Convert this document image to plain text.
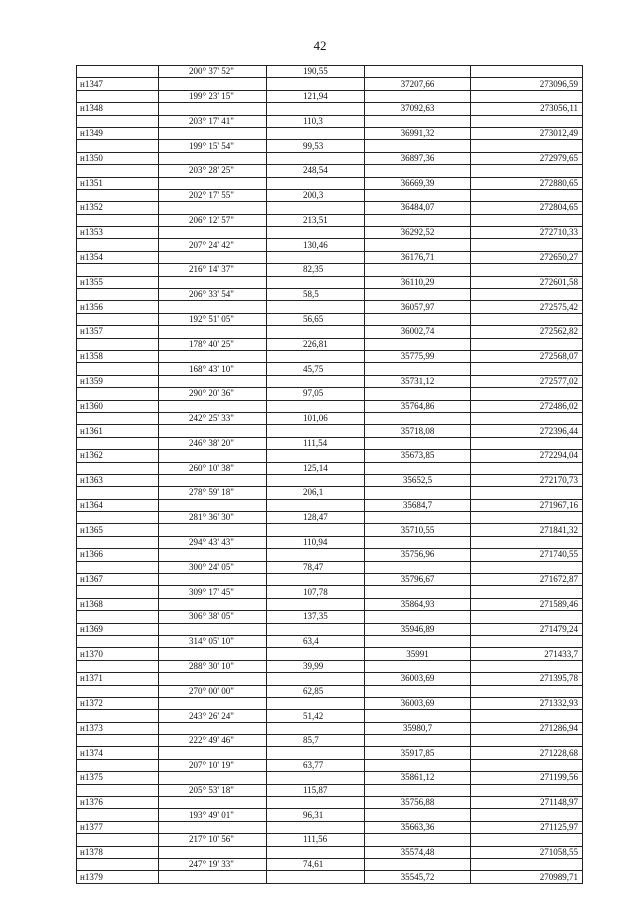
42
	200° 37' 52"	190,55		
н1347			37207,66	273096,59
	199° 23' 15"	121,94		
н1348			37092,63	273056,11
	203° 17' 41"	110,3		
н1349			36991,32	273012,49
	199° 15' 54"	99,53		
н1350			36897,36	272979,65
	203° 28' 25"	248,54		
н1351			36669,39	272880,65
	202° 17' 55"	200,3		
н1352			36484,07	272804,65
	206° 12' 57"	213,51		
н1353			36292,52	272710,33
	207° 24' 42"	130,46		
н1354			36176,71	272650,27
	216° 14' 37"	82,35		
н1355			36110,29	272601,58
	206° 33' 54"	58,5		
н1356			36057,97	272575,42
	192° 51' 05"	56,65		
н1357			36002,74	272562,82
	178° 40' 25"	226,81		
н1358			35775,99	272568,07
	168° 43' 10"	45,75		
н1359			35731,12	272577,02
	290° 20' 36"	97,05		
н1360			35764,86	272486,02
	242° 25' 33"	101,06		
н1361			35718,08	272396,44
	246° 38' 20"	111,54		
н1362			35673,85	272294,04
	260° 10' 38"	125,14		
н1363			35652,5	272170,73
	278° 59' 18"	206,1		
н1364			35684,7	271967,16
	281° 36' 30"	128,47		
н1365			35710,55	271841,32
	294° 43' 43"	110,94		
н1366			35756,96	271740,55
	300° 24' 05"	78,47		
н1367			35796,67	271672,87
	309° 17' 45"	107,78		
н1368			35864,93	271589,46
	306° 38' 05"	137,35		
н1369			35946,89	271479,24
	314° 05' 10"	63,4		
н1370			35991	271433,7
	288° 30' 10"	39,99		
н1371			36003,69	271395,78
	270° 00' 00"	62,85		
н1372			36003,69	271332,93
	243° 26' 24"	51,42		
н1373			35980,7	271286,94
	222° 49' 46"	85,7		
н1374			35917,85	271228,68
	207° 10' 19"	63,77		
н1375			35861,12	271199,56
	205° 53' 18"	115,87		
н1376			35756,88	271148,97
	193° 49' 01"	96,31		
н1377			35663,36	271125,97
	217° 10' 56"	111,56		
н1378			35574,48	271058,55
	247° 19' 33"	74,61		
н1379			35545,72	270989,71
